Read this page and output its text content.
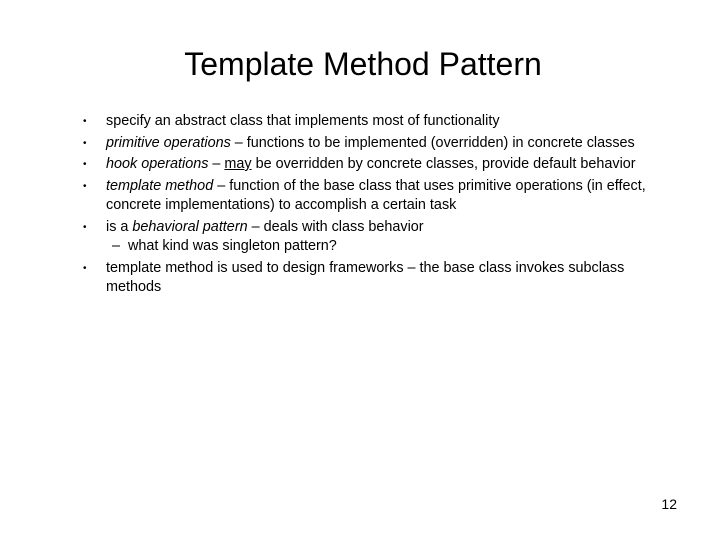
Template Method Pattern
•	specify an abstract class that implements most of functionality
•	primitive operations – functions to be implemented (overridden) in concrete classes
•	hook operations – may be overridden by concrete classes, provide default behavior
•	template method – function of the base class that uses primitive operations (in effect, concrete implementations) to accomplish a certain task
•	is a behavioral pattern – deals with class behavior
– what kind was singleton pattern?
•	template method is used to design frameworks – the base class invokes subclass methods
12
